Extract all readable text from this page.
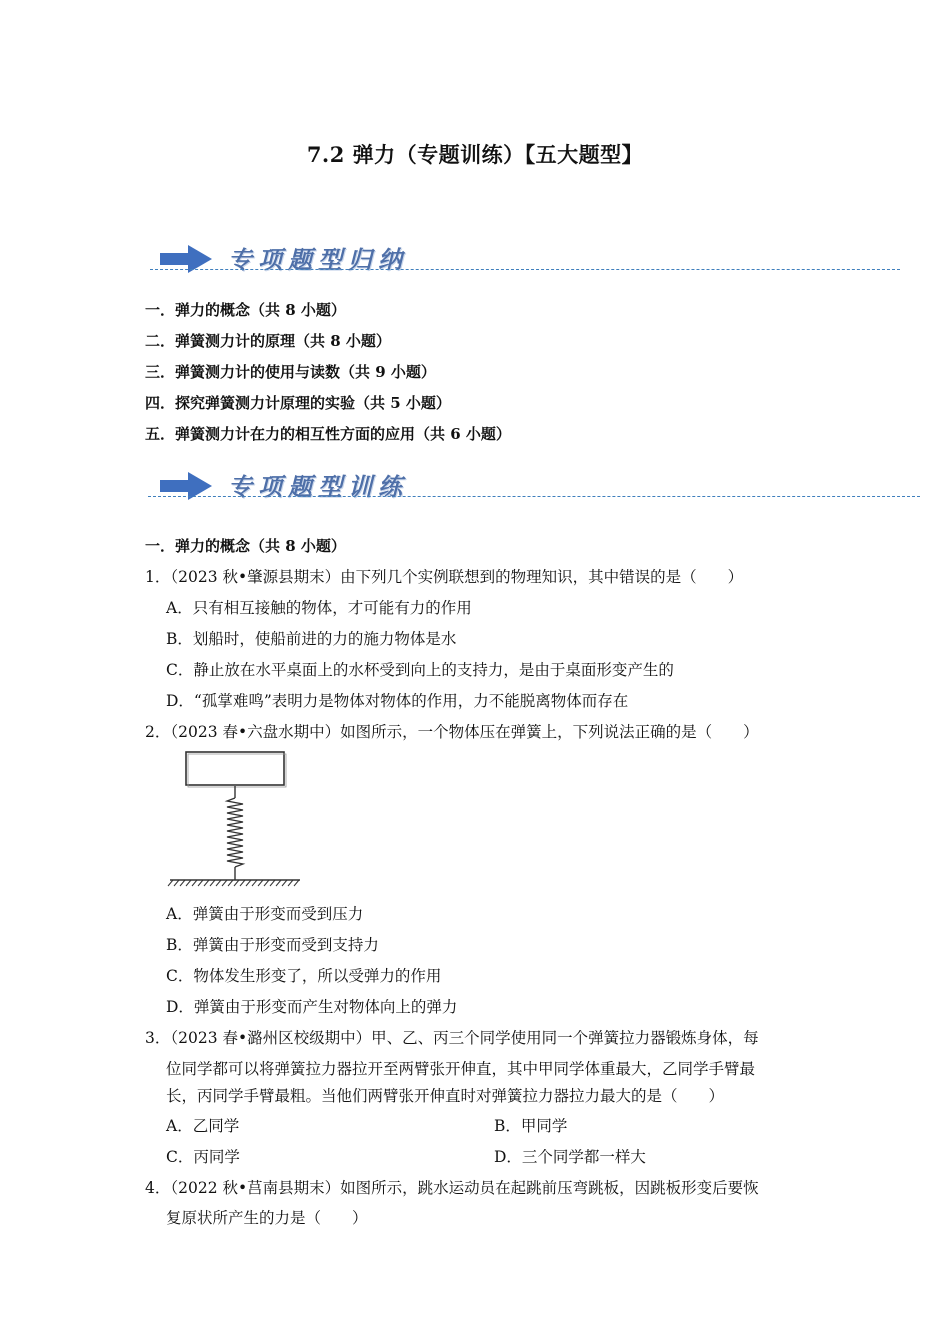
7.2 弹力（专题训练）【五大题型】
专项题型归纳
一．弹力的概念（共 8 小题）
二．弹簧测力计的原理（共 8 小题）
三．弹簧测力计的使用与读数（共 9 小题）
四．探究弹簧测力计原理的实验（共 5 小题）
五．弹簧测力计在力的相互性方面的应用（共 6 小题）
专项题型训练
一．弹力的概念（共 8 小题）
1．（2023 秋•肇源县期末）由下列几个实例联想到的物理知识，其中错误的是（　　）
A．只有相互接触的物体，才可能有力的作用
B．划船时，使船前进的力的施力物体是水
C．静止放在水平桌面上的水杯受到向上的支持力，是由于桌面形变产生的
D．“孤掌难鸣”表明力是物体对物体的作用，力不能脱离物体而存在
2．（2023 春•六盘水期中）如图所示，一个物体压在弹簧上，下列说法正确的是（　　）
A．弹簧由于形变而受到压力
B．弹簧由于形变而受到支持力
C．物体发生形变了，所以受弹力的作用
D．弹簧由于形变而产生对物体向上的弹力
3．（2023 春•潞州区校级期中）甲、乙、丙三个同学使用同一个弹簧拉力器锻炼身体，每
位同学都可以将弹簧拉力器拉开至两臂张开伸直，其中甲同学体重最大，乙同学手臂最
长，丙同学手臂最粗。当他们两臂张开伸直时对弹簧拉力器拉力最大的是（　　）
A．乙同学	B．甲同学
C．丙同学	D．三个同学都一样大
4．（2022 秋•莒南县期末）如图所示，跳水运动员在起跳前压弯跳板，因跳板形变后要恢
复原状所产生的力是（　　）
